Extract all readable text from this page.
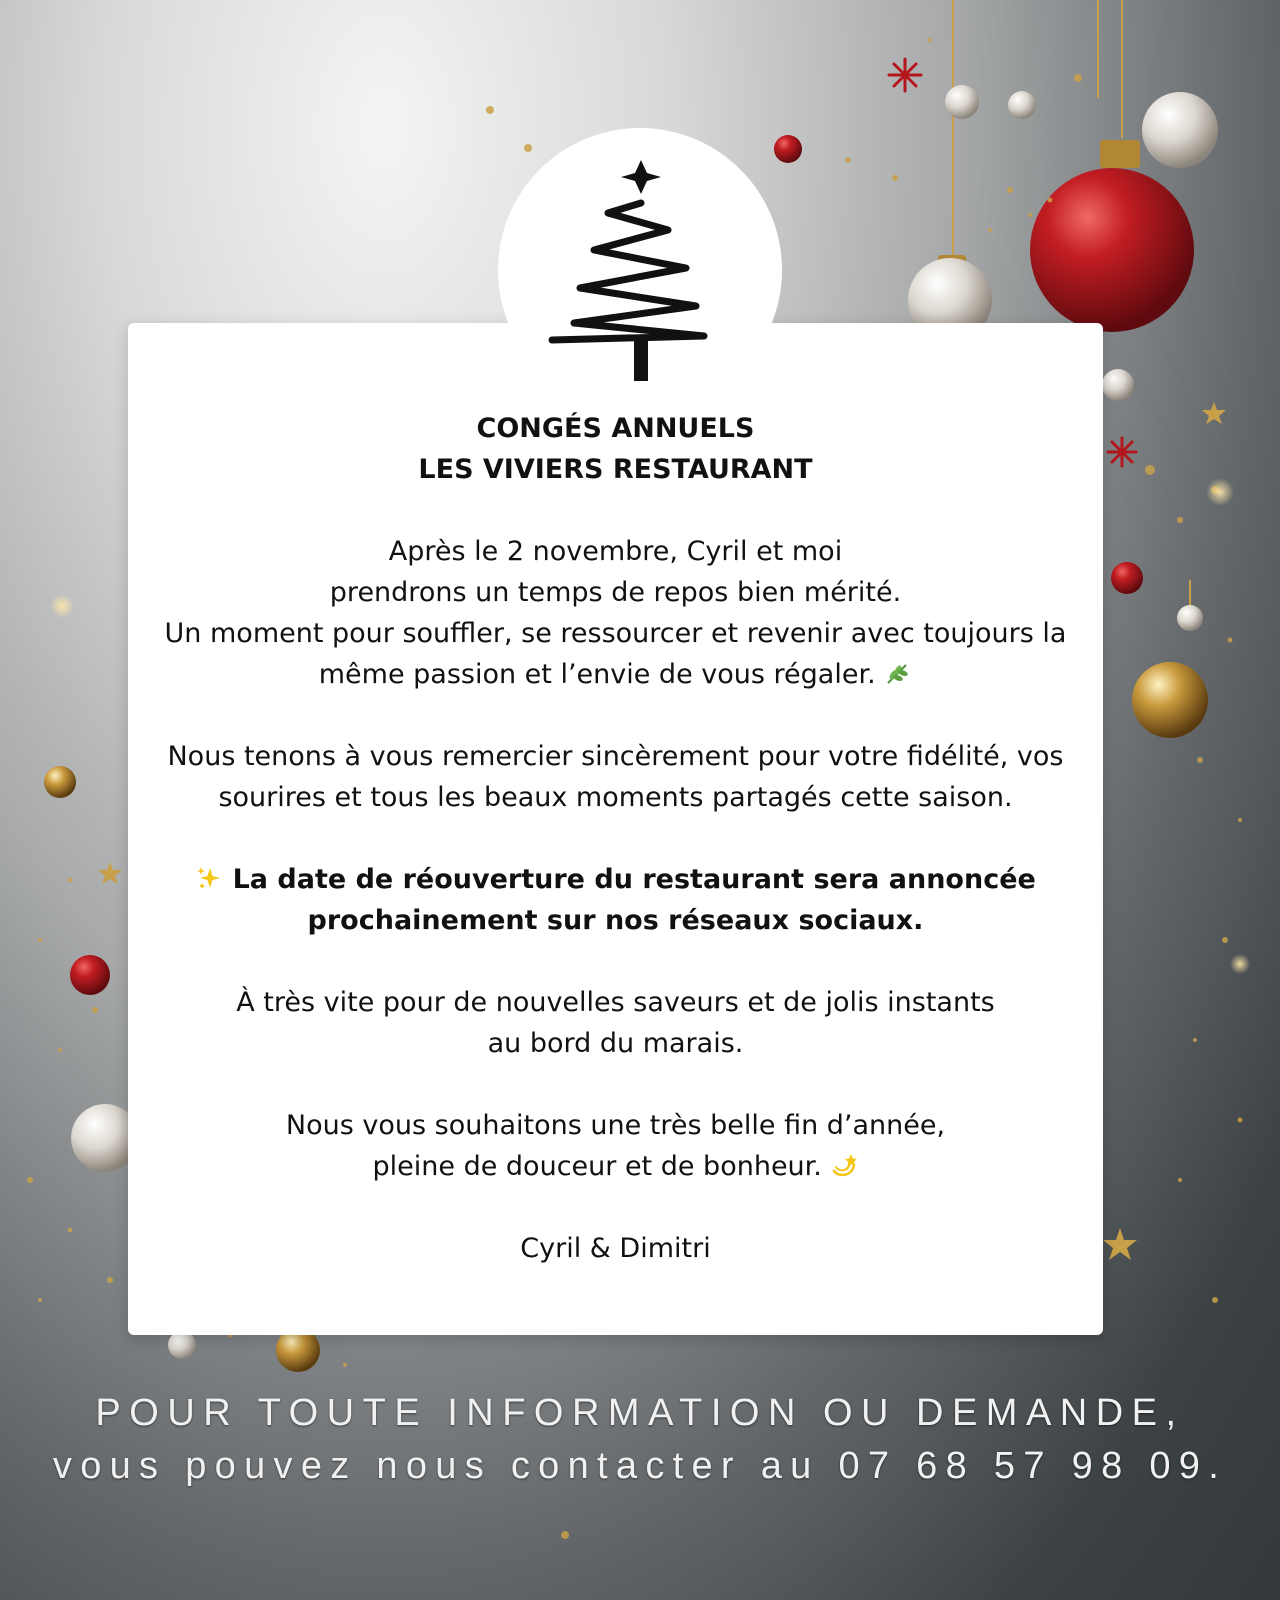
CONGÉS ANNUELS
LES VIVIERS RESTAURANT

Après le 2 novembre, Cyril et moi
prendrons un temps de repos bien mérité.
Un moment pour souffler, se ressourcer et revenir avec toujours la
même passion et l’envie de vous régaler.

Nous tenons à vous remercier sincèrement pour votre fidélité, vos
sourires et tous les beaux moments partagés cette saison.

La date de réouverture du restaurant sera annoncée
prochainement sur nos réseaux sociaux.

À très vite pour de nouvelles saveurs et de jolis instants
au bord du marais.

Nous vous souhaitons une très belle fin d’année,
pleine de douceur et de bonheur.

Cyril & Dimitri

POUR TOUTE INFORMATION OU DEMANDE,
vous pouvez nous contacter au 07 68 57 98 09.
